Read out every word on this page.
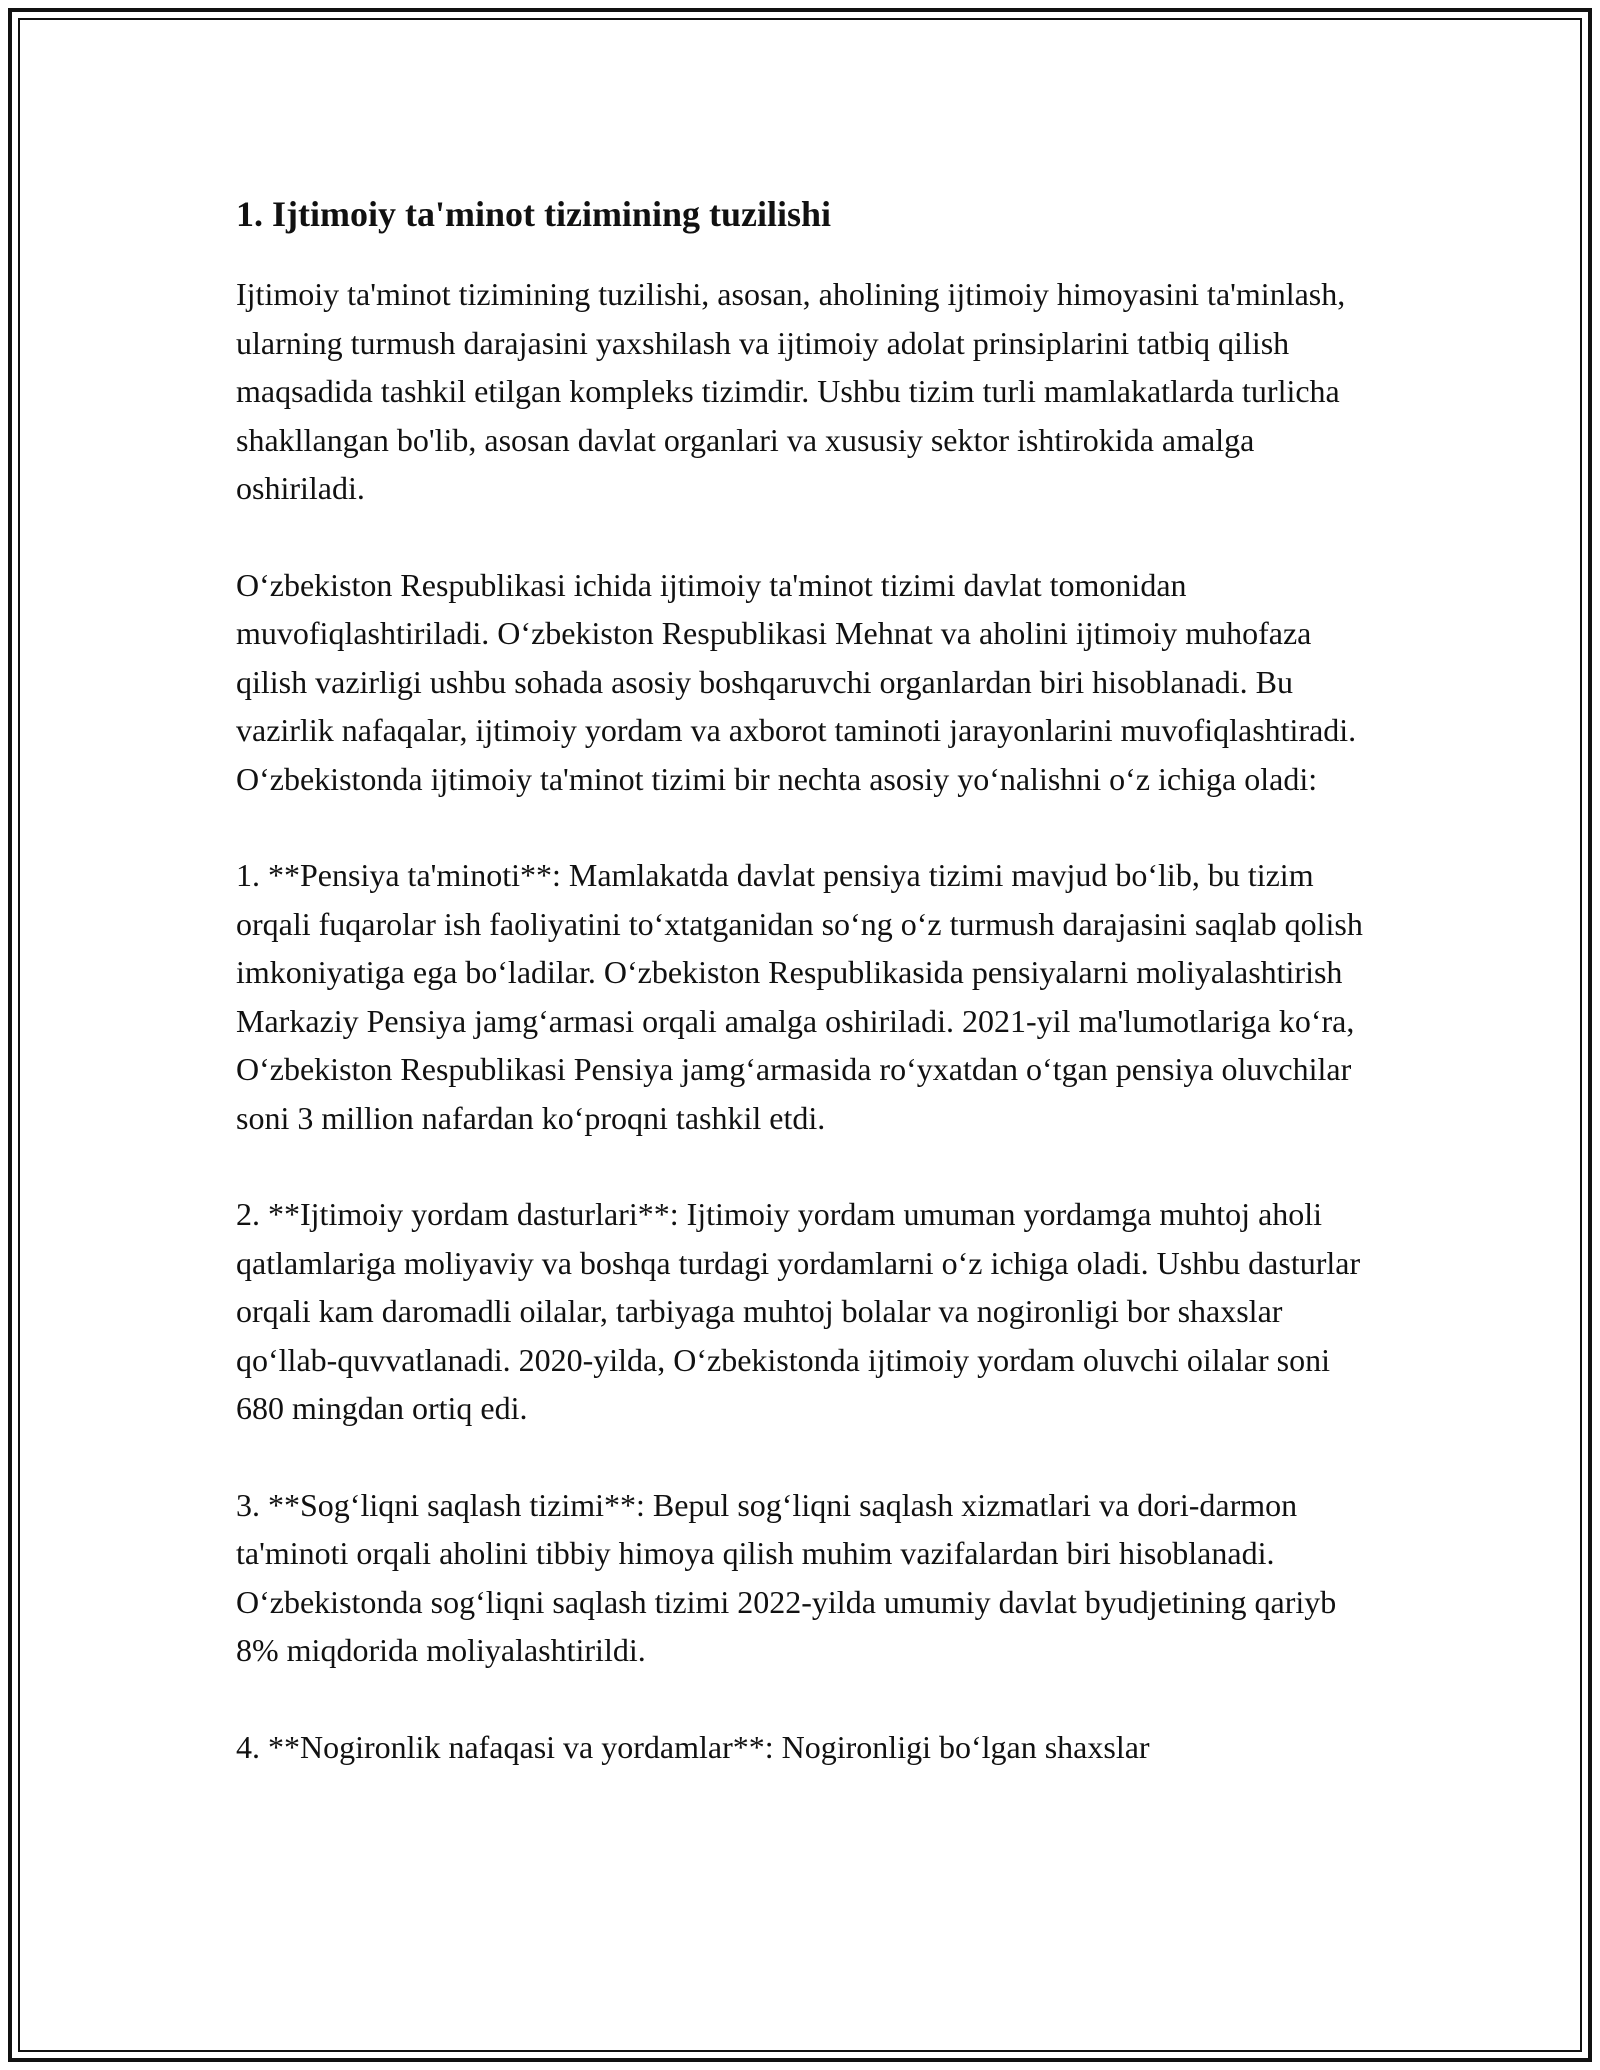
1. Ijtimoiy ta'minot tizimining tuzilishi

Ijtimoiy ta'minot tizimining tuzilishi, asosan, aholining ijtimoiy himoyasini ta'minlash, ularning turmush darajasini yaxshilash va ijtimoiy adolat prinsiplarini tatbiq qilish maqsadida tashkil etilgan kompleks tizimdir. Ushbu tizim turli mamlakatlarda turlicha shakllangan bo'lib, asosan davlat organlari va xususiy sektor ishtirokida amalga oshiriladi.

O‘zbekiston Respublikasi ichida ijtimoiy ta'minot tizimi davlat tomonidan muvofiqlashtiriladi. O‘zbekiston Respublikasi Mehnat va aholini ijtimoiy muhofaza qilish vazirligi ushbu sohada asosiy boshqaruvchi organlardan biri hisoblanadi. Bu vazirlik nafaqalar, ijtimoiy yordam va axborot taminoti jarayonlarini muvofiqlashtiradi. O‘zbekistonda ijtimoiy ta'minot tizimi bir nechta asosiy yo‘nalishni o‘z ichiga oladi:

1. **Pensiya ta'minoti**: Mamlakatda davlat pensiya tizimi mavjud bo‘lib, bu tizim orqali fuqarolar ish faoliyatini to‘xtatganidan so‘ng o‘z turmush darajasini saqlab qolish imkoniyatiga ega bo‘ladilar. O‘zbekiston Respublikasida pensiyalarni moliyalashtirish Markaziy Pensiya jamg‘armasi orqali amalga oshiriladi. 2021-yil ma'lumotlariga ko‘ra, O‘zbekiston Respublikasi Pensiya jamg‘armasida ro‘yxatdan o‘tgan pensiya oluvchilar soni 3 million nafardan ko‘proqni tashkil etdi.

2. **Ijtimoiy yordam dasturlari**: Ijtimoiy yordam umuman yordamga muhtoj aholi qatlamlariga moliyaviy va boshqa turdagi yordamlarni o‘z ichiga oladi. Ushbu dasturlar orqali kam daromadli oilalar, tarbiyaga muhtoj bolalar va nogironligi bor shaxslar qo‘llab-quvvatlanadi. 2020-yilda, O‘zbekistonda ijtimoiy yordam oluvchi oilalar soni 680 mingdan ortiq edi.

3. **Sog‘liqni saqlash tizimi**: Bepul sog‘liqni saqlash xizmatlari va dori-darmon ta'minoti orqali aholini tibbiy himoya qilish muhim vazifalardan biri hisoblanadi. O‘zbekistonda sog‘liqni saqlash tizimi 2022-yilda umumiy davlat byudjetining qariyb 8% miqdorida moliyalashtirildi.

4. **Nogironlik nafaqasi va yordamlar**: Nogironligi bo‘lgan shaxslar
